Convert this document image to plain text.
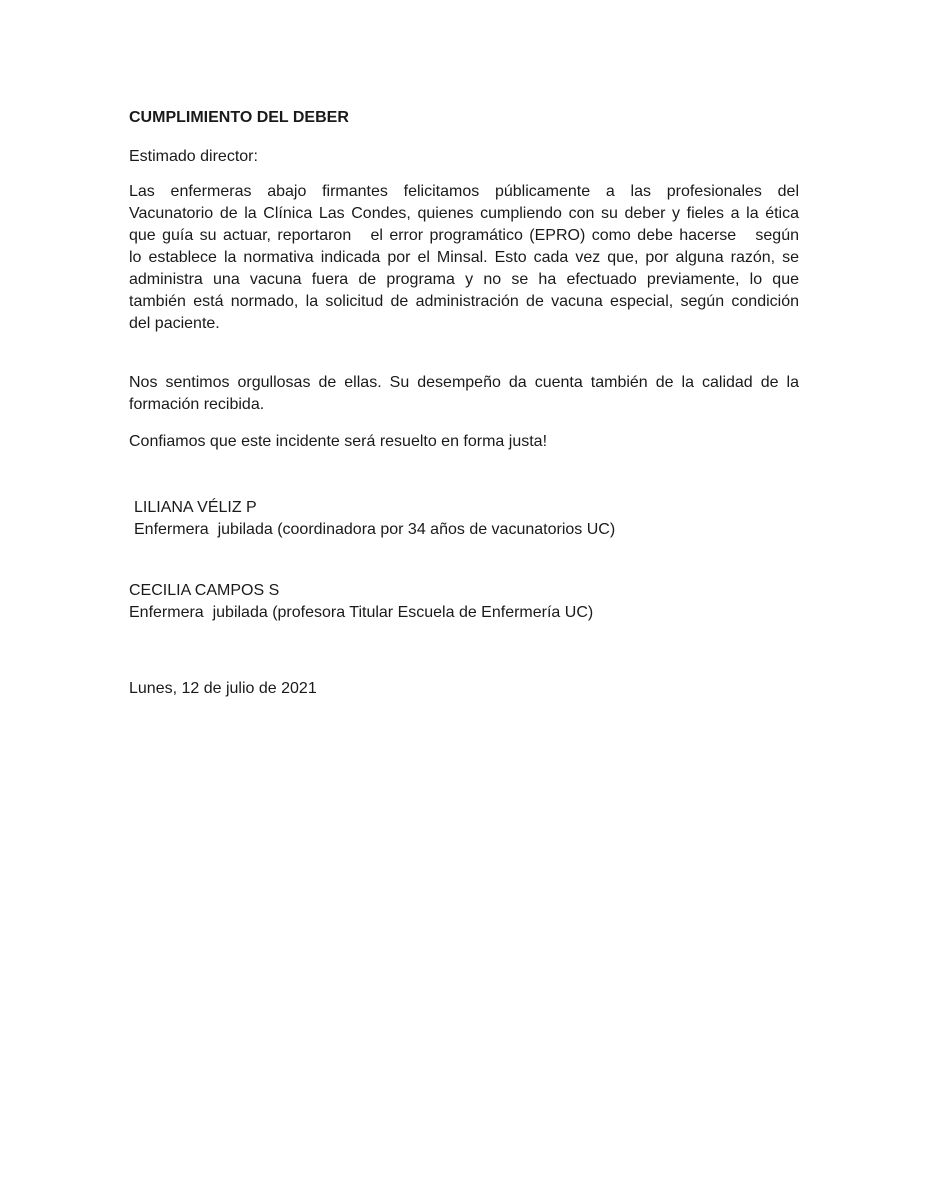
CUMPLIMIENTO DEL DEBER

Estimado director:

Las enfermeras abajo firmantes felicitamos públicamente a las profesionales del
Vacunatorio de la Clínica Las Condes, quienes cumpliendo con su deber y fieles a la ética
que guía su actuar, reportaron   el error programático (EPRO) como debe hacerse   según
lo establece la normativa indicada por el Minsal. Esto cada vez que, por alguna razón, se
administra una vacuna fuera de programa y no se ha efectuado previamente, lo que
también está normado, la solicitud de administración de vacuna especial, según condición
del paciente.
Nos sentimos orgullosas de ellas. Su desempeño da cuenta también de la calidad de la
formación recibida.

Confiamos que este incidente será resuelto en forma justa!

LILIANA VÉLIZ P
Enfermera  jubilada (coordinadora por 34 años de vacunatorios UC)
CECILIA CAMPOS S
Enfermera  jubilada (profesora Titular Escuela de Enfermería UC)

Lunes, 12 de julio de 2021
